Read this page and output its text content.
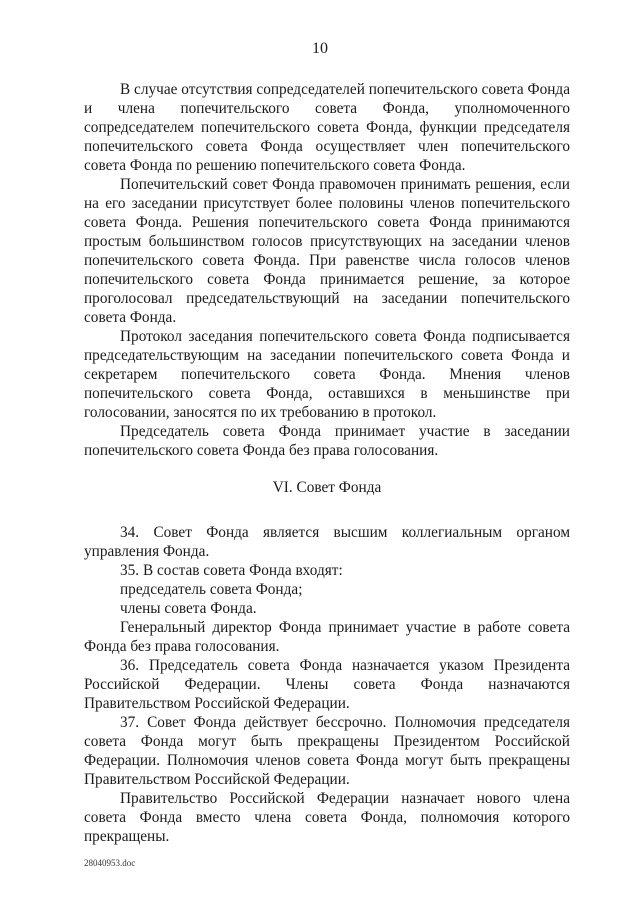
10

В случае отсутствия сопредседателей попечительского совета Фонда и члена попечительского совета Фонда, уполномоченного сопредседателем попечительского совета Фонда, функции председателя попечительского совета Фонда осуществляет член попечительского совета Фонда по решению попечительского совета Фонда.

Попечительский совет Фонда правомочен принимать решения, если на его заседании присутствует более половины членов попечительского совета Фонда. Решения попечительского совета Фонда принимаются простым большинством голосов присутствующих на заседании членов попечительского совета Фонда. При равенстве числа голосов членов попечительского совета Фонда принимается решение, за которое проголосовал председательствующий на заседании попечительского совета Фонда.

Протокол заседания попечительского совета Фонда подписывается председательствующим на заседании попечительского совета Фонда и секретарем попечительского совета Фонда. Мнения членов попечительского совета Фонда, оставшихся в меньшинстве при голосовании, заносятся по их требованию в протокол.

Председатель совета Фонда принимает участие в заседании попечительского совета Фонда без права голосования.

VI. Совет Фонда

34. Совет Фонда является высшим коллегиальным органом управления Фонда.

35. В состав совета Фонда входят:

председатель совета Фонда;

члены совета Фонда.

Генеральный директор Фонда принимает участие в работе совета Фонда без права голосования.

36. Председатель совета Фонда назначается указом Президента Российской Федерации. Члены совета Фонда назначаются Правительством Российской Федерации.

37. Совет Фонда действует бессрочно. Полномочия председателя совета Фонда могут быть прекращены Президентом Российской Федерации. Полномочия членов совета Фонда могут быть прекращены Правительством Российской Федерации.

Правительство Российской Федерации назначает нового члена совета Фонда вместо члена совета Фонда, полномочия которого прекращены.

28040953.doc
